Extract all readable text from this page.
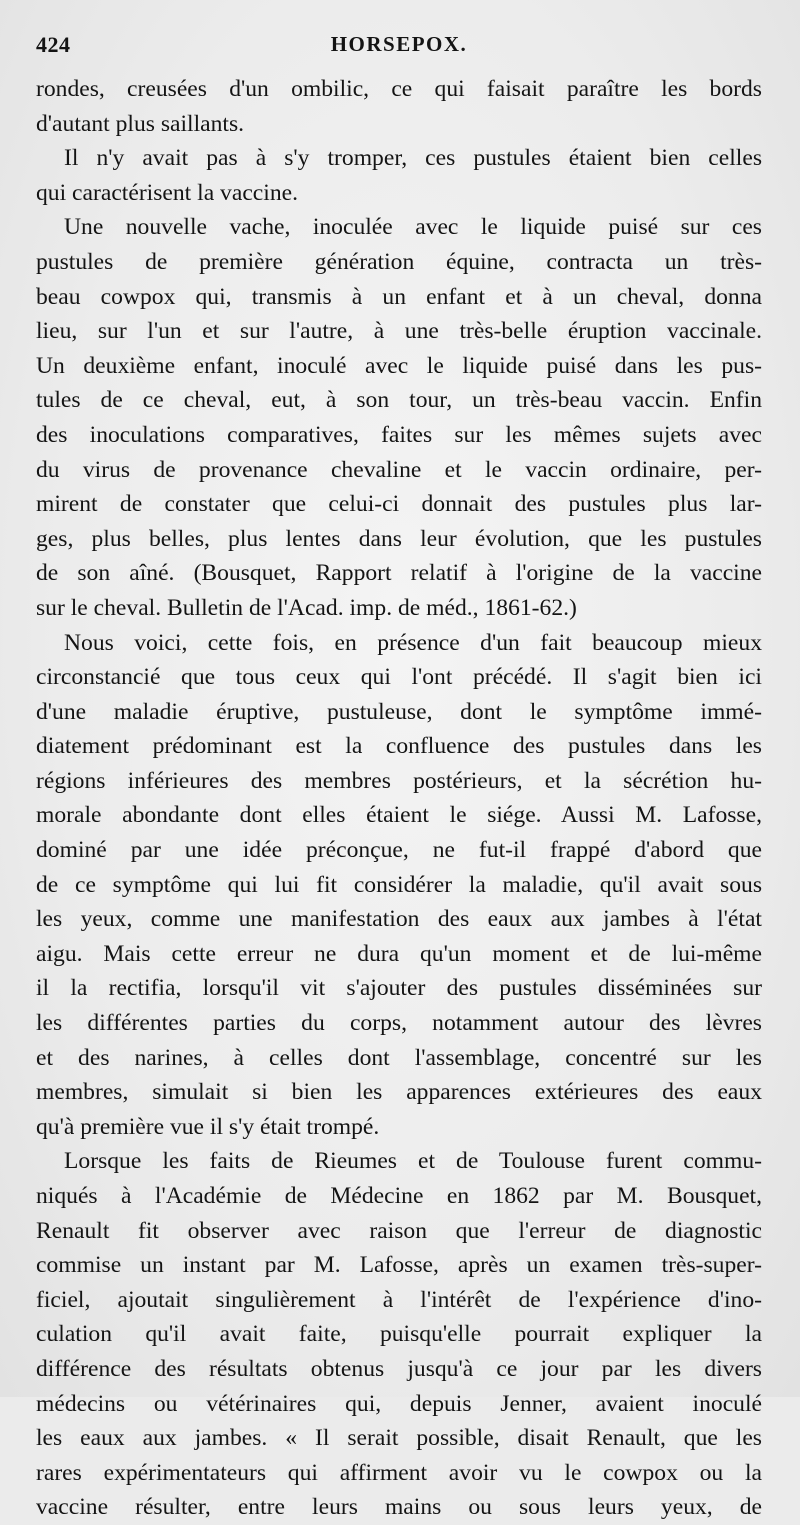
424	HORSEPOX.
rondes, creusées d'un ombilic, ce qui faisait paraître les bords
d'autant plus saillants.
Il n'y avait pas à s'y tromper, ces pustules étaient bien celles
qui caractérisent la vaccine.
Une nouvelle vache, inoculée avec le liquide puisé sur ces
pustules de première génération équine, contracta un très-
beau cowpox qui, transmis à un enfant et à un cheval, donna
lieu, sur l'un et sur l'autre, à une très-belle éruption vaccinale.
Un deuxième enfant, inoculé avec le liquide puisé dans les pus-
tules de ce cheval, eut, à son tour, un très-beau vaccin. Enfin
des inoculations comparatives, faites sur les mêmes sujets avec
du virus de provenance chevaline et le vaccin ordinaire, per-
mirent de constater que celui-ci donnait des pustules plus lar-
ges, plus belles, plus lentes dans leur évolution, que les pustules
de son aîné. (Bousquet, Rapport relatif à l'origine de la vaccine
sur le cheval. Bulletin de l'Acad. imp. de méd., 1861-62.)
Nous voici, cette fois, en présence d'un fait beaucoup mieux
circonstancié que tous ceux qui l'ont précédé. Il s'agit bien ici
d'une maladie éruptive, pustuleuse, dont le symptôme immé-
diatement prédominant est la confluence des pustules dans les
régions inférieures des membres postérieurs, et la sécrétion hu-
morale abondante dont elles étaient le siége. Aussi M. Lafosse,
dominé par une idée préconçue, ne fut-il frappé d'abord que
de ce symptôme qui lui fit considérer la maladie, qu'il avait sous
les yeux, comme une manifestation des eaux aux jambes à l'état
aigu. Mais cette erreur ne dura qu'un moment et de lui-même
il la rectifia, lorsqu'il vit s'ajouter des pustules disséminées sur
les différentes parties du corps, notamment autour des lèvres
et des narines, à celles dont l'assemblage, concentré sur les
membres, simulait si bien les apparences extérieures des eaux
qu'à première vue il s'y était trompé.
Lorsque les faits de Rieumes et de Toulouse furent commu-
niqués à l'Académie de Médecine en 1862 par M. Bousquet,
Renault fit observer avec raison que l'erreur de diagnostic
commise un instant par M. Lafosse, après un examen très-super-
ficiel, ajoutait singulièrement à l'intérêt de l'expérience d'ino-
culation qu'il avait faite, puisqu'elle pourrait expliquer la
différence des résultats obtenus jusqu'à ce jour par les divers
médecins ou vétérinaires qui, depuis Jenner, avaient inoculé
les eaux aux jambes. « Il serait possible, disait Renault, que les
rares expérimentateurs qui affirment avoir vu le cowpox ou la
vaccine résulter, entre leurs mains ou sous leurs yeux, de
